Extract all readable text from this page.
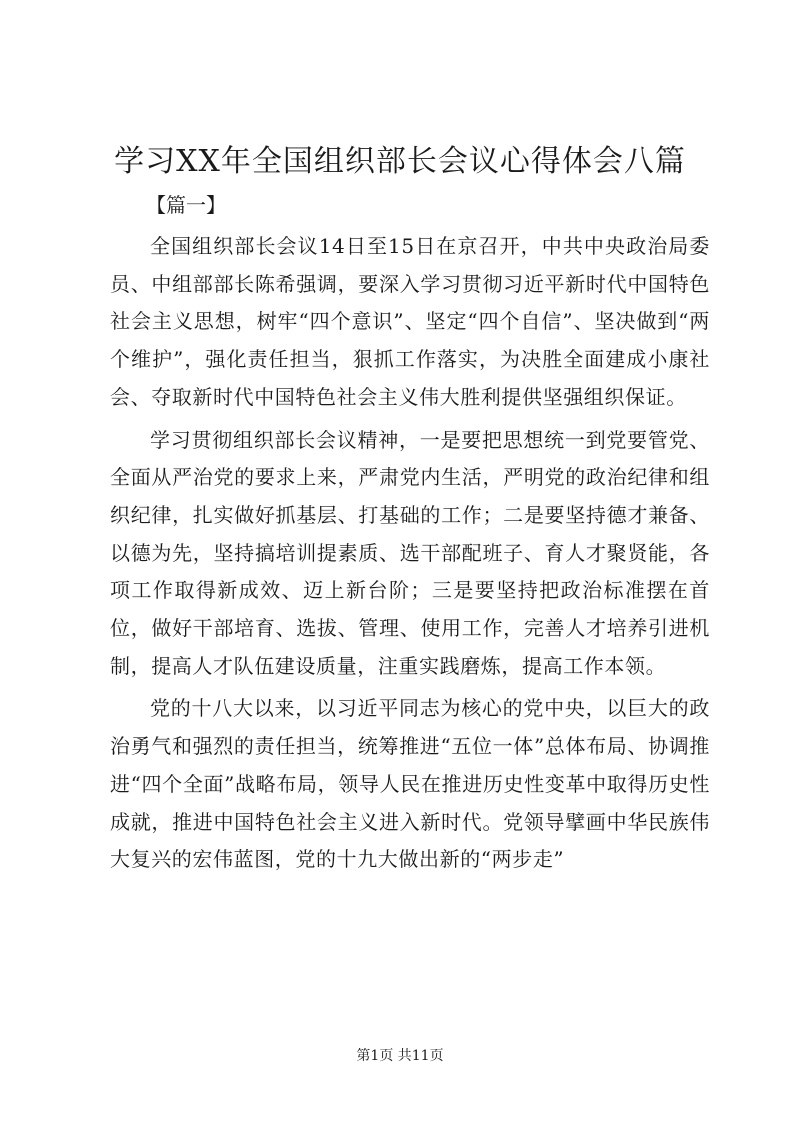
学习XX年全国组织部长会议心得体会八篇
【篇一】

全国组织部长会议14日至15日在京召开，中共中央政治局委员、中组部部长陈希强调，要深入学习贯彻习近平新时代中国特色社会主义思想，树牢“四个意识”、坚定“四个自信”、坚决做到“两个维护”，强化责任担当，狠抓工作落实，为决胜全面建成小康社会、夺取新时代中国特色社会主义伟大胜利提供坚强组织保证。

学习贯彻组织部长会议精神，一是要把思想统一到党要管党、全面从严治党的要求上来，严肃党内生活，严明党的政治纪律和组织纪律，扎实做好抓基层、打基础的工作；二是要坚持德才兼备、以德为先，坚持搞培训提素质、选干部配班子、育人才聚贤能，各项工作取得新成效、迈上新台阶；三是要坚持把政治标准摆在首位，做好干部培育、选拔、管理、使用工作，完善人才培养引进机制，提高人才队伍建设质量，注重实践磨炼，提高工作本领。

党的十八大以来，以习近平同志为核心的党中央，以巨大的政治勇气和强烈的责任担当，统筹推进“五位一体”总体布局、协调推进“四个全面”战略布局，领导人民在推进历史性变革中取得历史性成就，推进中国特色社会主义进入新时代。党领导擘画中华民族伟大复兴的宏伟蓝图，党的十九大做出新的“两步走”

第1页 共11页
